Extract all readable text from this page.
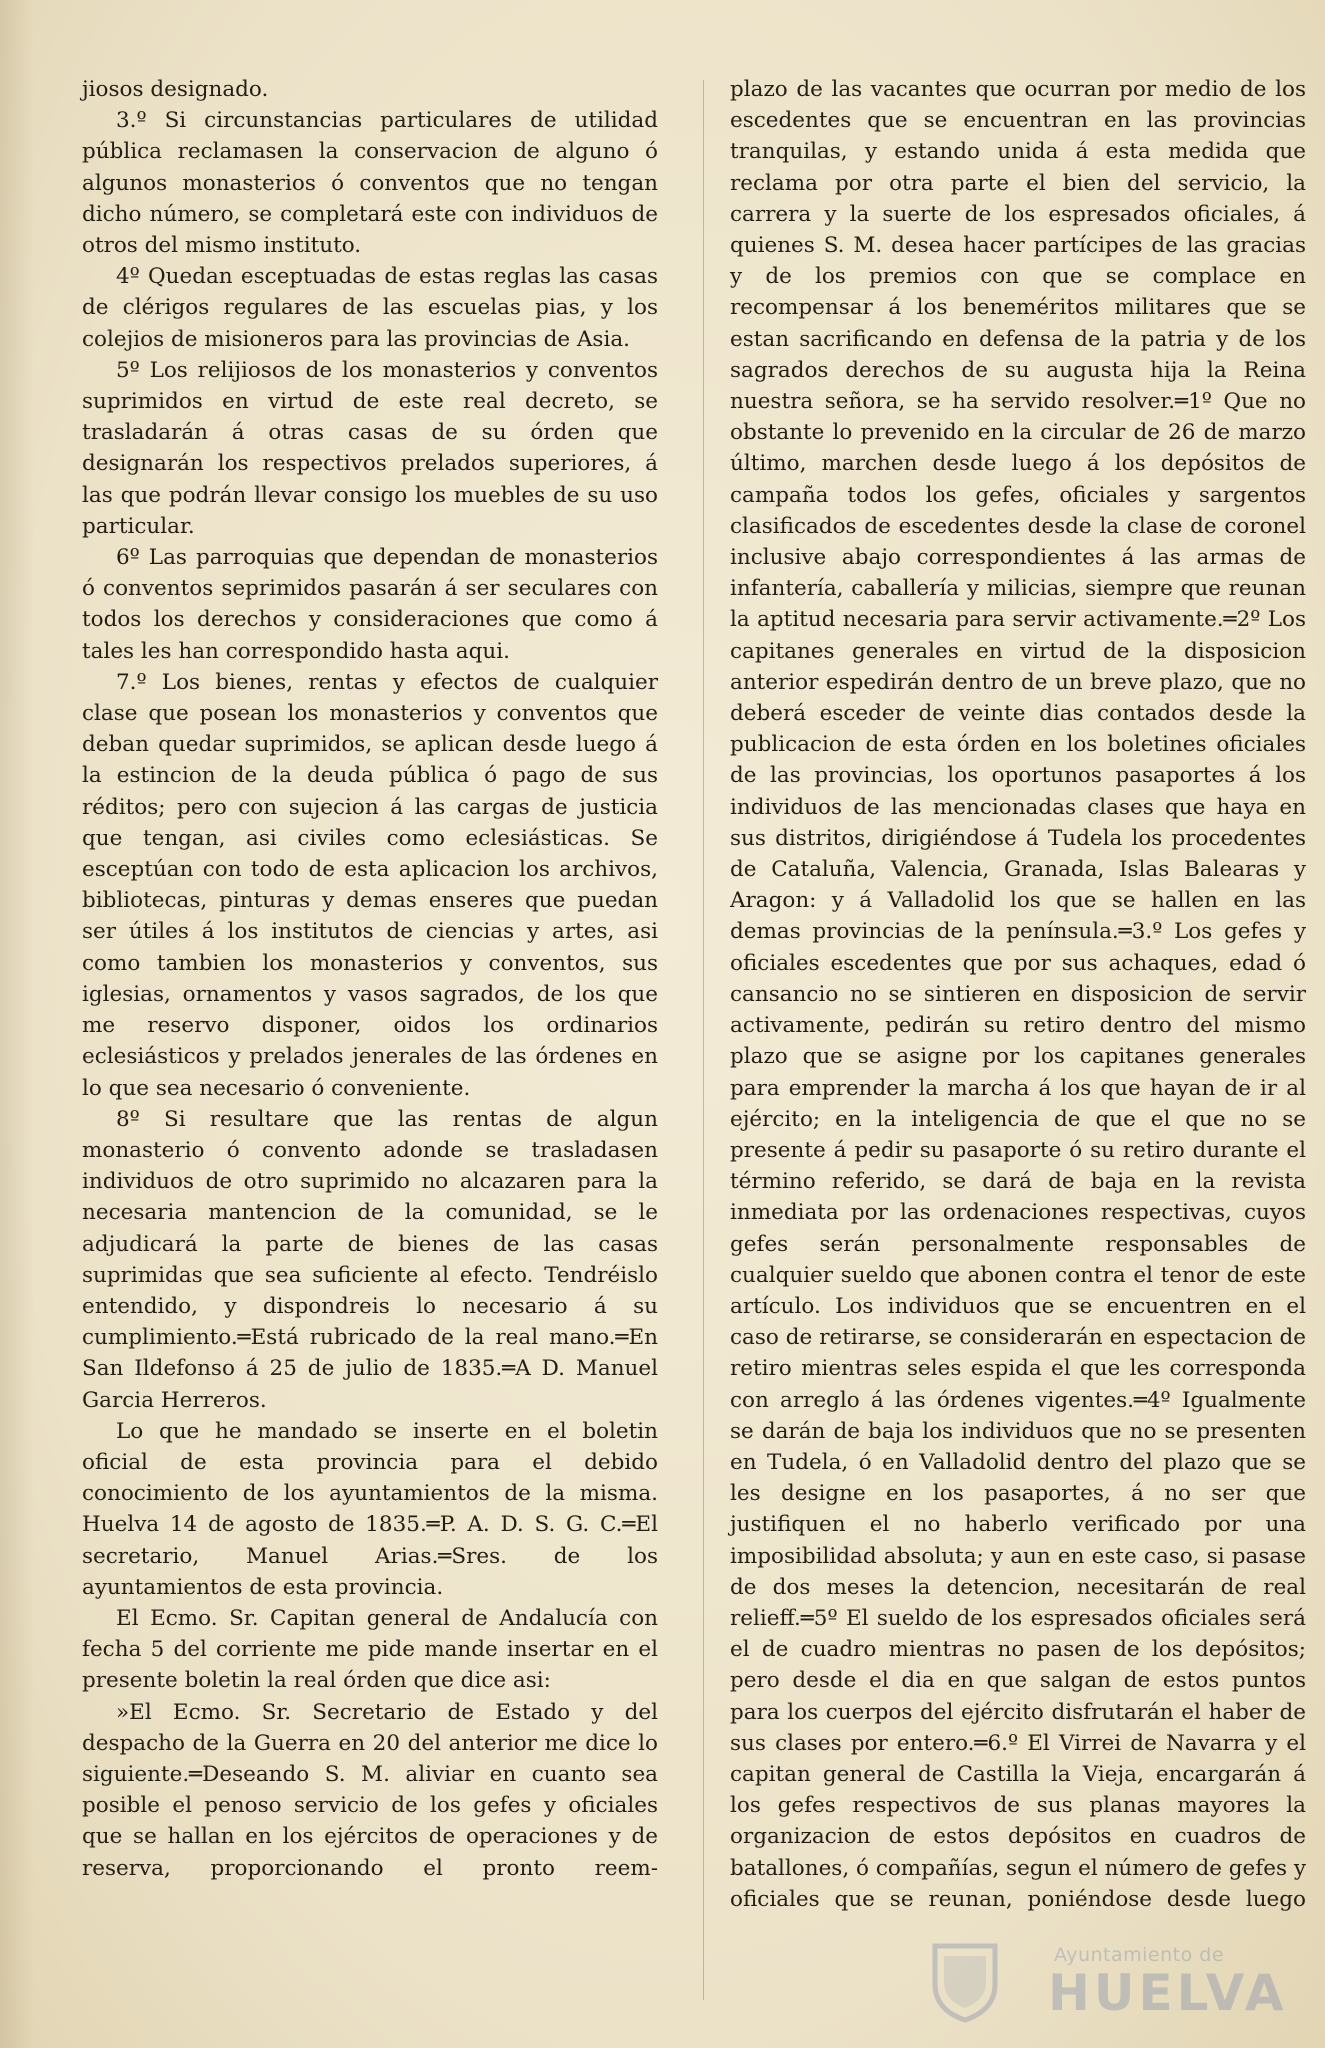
jiosos designado.

3.º Si circunstancias particulares de utilidad pública reclamasen la conservacion de alguno ó algunos monasterios ó conventos que no tengan dicho número, se completará este con individuos de otros del mismo instituto.

4º Quedan esceptuadas de estas reglas las casas de clérigos regulares de las escuelas pias, y los colejios de misioneros para las provincias de Asia.

5º Los relijiosos de los monasterios y conventos suprimidos en virtud de este real decreto, se trasladarán á otras casas de su órden que designarán los respectivos prelados superiores, á las que podrán llevar consigo los muebles de su uso particular.

6º Las parroquias que dependan de monasterios ó conventos seprimidos pasarán á ser seculares con todos los derechos y consideraciones que como á tales les han correspondido hasta aqui.

7.º Los bienes, rentas y efectos de cualquier clase que posean los monasterios y conventos que deban quedar suprimidos, se aplican desde luego á la estincion de la deuda pública ó pago de sus réditos; pero con sujecion á las cargas de justicia que tengan, asi civiles como eclesiásticas. Se esceptúan con todo de esta aplicacion los archivos, bibliotecas, pinturas y demas enseres que puedan ser útiles á los institutos de ciencias y artes, asi como tambien los monasterios y conventos, sus iglesias, ornamentos y vasos sagrados, de los que me reservo disponer, oidos los ordinarios eclesiásticos y prelados jenerales de las órdenes en lo que sea necesario ó conveniente.

8º Si resultare que las rentas de algun monasterio ó convento adonde se trasladasen individuos de otro suprimido no alcazaren para la necesaria mantencion de la comunidad, se le adjudicará la parte de bienes de las casas suprimidas que sea suficiente al efecto. Tendréislo entendido, y dispondreis lo necesario á su cumplimiento.═Está rubricado de la real mano.═En San Ildefonso á 25 de julio de 1835.═A D. Manuel Garcia Herreros.

Lo que he mandado se inserte en el boletin oficial de esta provincia para el debido conocimiento de los ayuntamientos de la misma. Huelva 14 de agosto de 1835.═P. A. D. S. G. C.═El secretario, Manuel Arias.═Sres. de los ayuntamientos de esta provincia.

El Ecmo. Sr. Capitan general de Andalucía con fecha 5 del corriente me pide mande insertar en el presente boletin la real órden que dice asi:

»El Ecmo. Sr. Secretario de Estado y del despacho de la Guerra en 20 del anterior me dice lo siguiente.═Deseando S. M. aliviar en cuanto sea posible el penoso servicio de los gefes y oficiales que se hallan en los ejércitos de operaciones y de reserva, proporcionando el pronto reem-

plazo de las vacantes que ocurran por medio de los escedentes que se encuentran en las provincias tranquilas, y estando unida á esta medida que reclama por otra parte el bien del servicio, la carrera y la suerte de los espresados oficiales, á quienes S. M. desea hacer partícipes de las gracias y de los premios con que se complace en recompensar á los beneméritos militares que se estan sacrificando en defensa de la patria y de los sagrados derechos de su augusta hija la Reina nuestra señora, se ha servido resolver.═1º Que no obstante lo prevenido en la circular de 26 de marzo último, marchen desde luego á los depósitos de campaña todos los gefes, oficiales y sargentos clasificados de escedentes desde la clase de coronel inclusive abajo correspondientes á las armas de infantería, caballería y milicias, siempre que reunan la aptitud necesaria para servir activamente.═2º Los capitanes generales en virtud de la disposicion anterior espedirán dentro de un breve plazo, que no deberá esceder de veinte dias contados desde la publicacion de esta órden en los boletines oficiales de las provincias, los oportunos pasaportes á los individuos de las mencionadas clases que haya en sus distritos, dirigiéndose á Tudela los procedentes de Cataluña, Valencia, Granada, Islas Balearas y Aragon: y á Valladolid los que se hallen en las demas provincias de la península.═3.º Los gefes y oficiales escedentes que por sus achaques, edad ó cansancio no se sintieren en disposicion de servir activamente, pedirán su retiro dentro del mismo plazo que se asigne por los capitanes generales para emprender la marcha á los que hayan de ir al ejército; en la inteligencia de que el que no se presente á pedir su pasaporte ó su retiro durante el término referido, se dará de baja en la revista inmediata por las ordenaciones respectivas, cuyos gefes serán personalmente responsables de cualquier sueldo que abonen contra el tenor de este artículo. Los individuos que se encuentren en el caso de retirarse, se considerarán en espectacion de retiro mientras seles espida el que les corresponda con arreglo á las órdenes vigentes.═4º Igualmente se darán de baja los individuos que no se presenten en Tudela, ó en Valladolid dentro del plazo que se les designe en los pasaportes, á no ser que justifiquen el no haberlo verificado por una imposibilidad absoluta; y aun en este caso, si pasase de dos meses la detencion, necesitarán de real relieff.═5º El sueldo de los espresados oficiales será el de cuadro mientras no pasen de los depósitos; pero desde el dia en que salgan de estos puntos para los cuerpos del ejército disfrutarán el haber de sus clases por entero.═6.º El Virrei de Navarra y el capitan general de Castilla la Vieja, encargarán á los gefes respectivos de sus planas mayores la organizacion de estos depósitos en cuadros de batallones, ó compañías, segun el número de gefes y oficiales que se reunan, poniéndose desde luego

Ayuntamiento de
HUELVA
